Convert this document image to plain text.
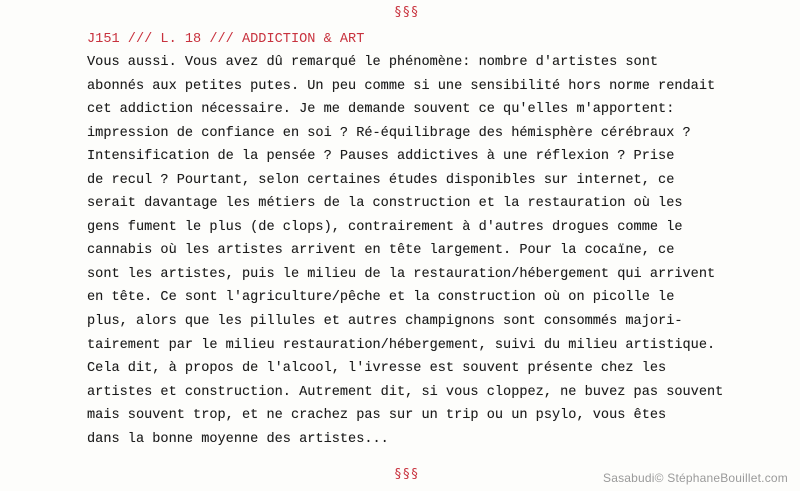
§§§
J151 /// L. 18 /// ADDICTION & ART
Vous aussi. Vous avez dû remarqué le phénomène: nombre d'artistes sont
abonnés aux petites putes. Un peu comme si une sensibilité hors norme rendait
cet addiction nécessaire. Je me demande souvent ce qu'elles m'apportent:
impression de confiance en soi ? Ré-équilibrage des hémisphère cérébraux ?
Intensification de la pensée ? Pauses addictives à une réflexion ? Prise
de recul ? Pourtant, selon certaines études disponibles sur internet, ce
serait davantage les métiers de la construction et la restauration où les
gens fument le plus (de clops), contrairement à d'autres drogues comme le
cannabis où les artistes arrivent en tête largement. Pour la cocaïne, ce
sont les artistes, puis le milieu de la restauration/hébergement qui arrivent
en tête. Ce sont l'agriculture/pêche et la construction où on picolle le
plus, alors que les pillules et autres champignons sont consommés majori-
tairement par le milieu restauration/hébergement, suivi du milieu artistique.
Cela dit, à propos de l'alcool, l'ivresse est souvent présente chez les
artistes et construction. Autrement dit, si vous cloppez, ne buvez pas souvent
mais souvent trop, et ne crachez pas sur un trip ou un psylo, vous êtes
dans la bonne moyenne des artistes...
§§§	Sasabudi© StéphaneBouillet.com
